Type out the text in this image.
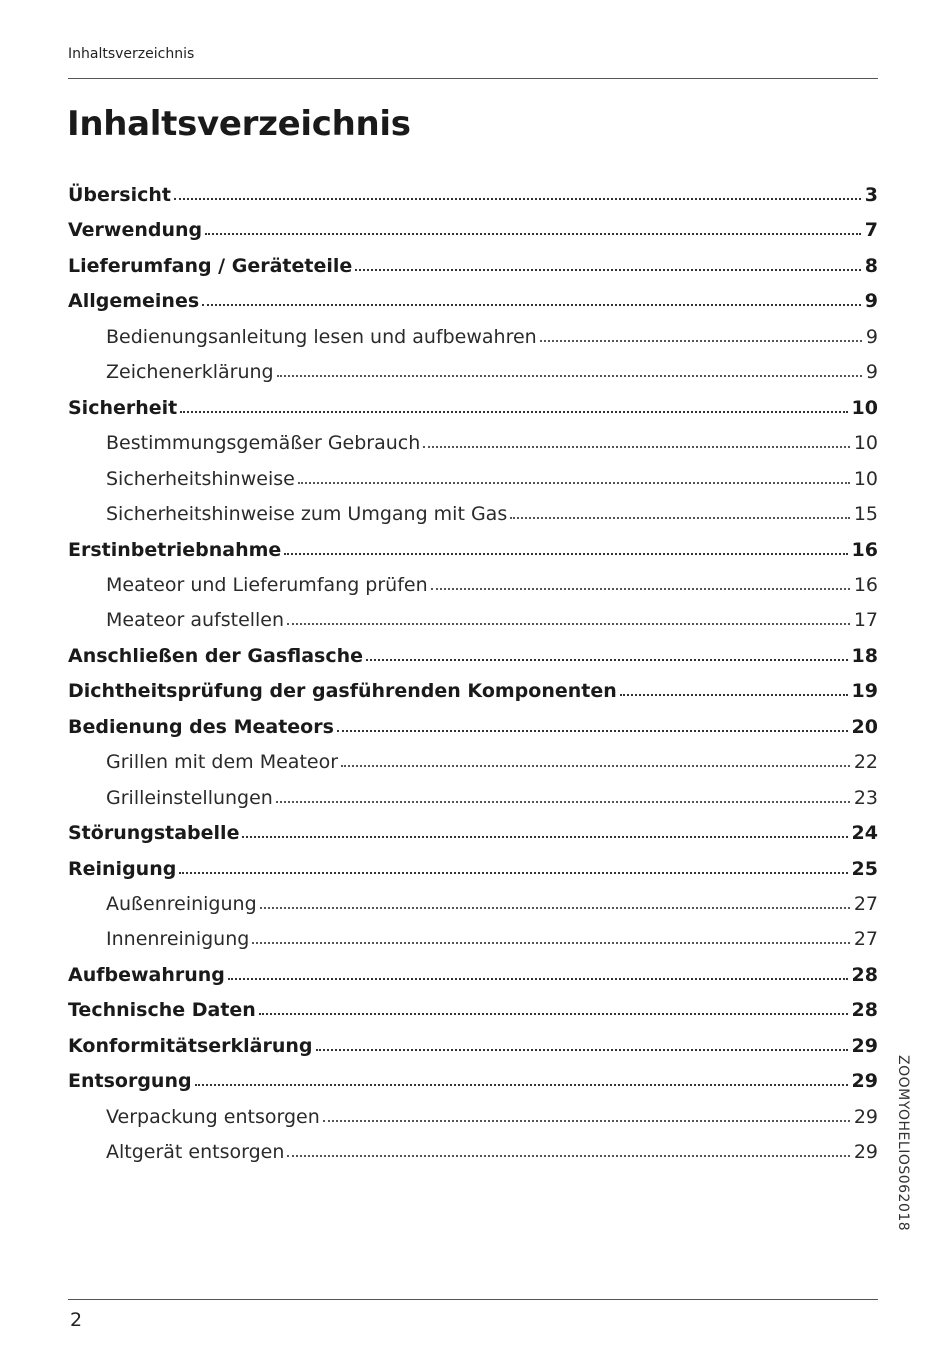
Inhaltsverzeichnis
Inhaltsverzeichnis
Übersicht	3
Verwendung	7
Lieferumfang / Geräteteile	8
Allgemeines	9
Bedienungsanleitung lesen und aufbewahren	9
Zeichenerklärung	9
Sicherheit	10
Bestimmungsgemäßer Gebrauch	10
Sicherheitshinweise	10
Sicherheitshinweise zum Umgang mit Gas	15
Erstinbetriebnahme	16
Meateor und Lieferumfang prüfen	16
Meateor aufstellen	17
Anschließen der Gasflasche	18
Dichtheitsprüfung der gasführenden Komponenten	19
Bedienung des Meateors	20
Grillen mit dem Meateor	22
Grilleinstellungen	23
Störungstabelle	24
Reinigung	25
Außenreinigung	27
Innenreinigung	27
Aufbewahrung	28
Technische Daten	28
Konformitätserklärung	29
Entsorgung	29
Verpackung entsorgen	29
Altgerät entsorgen	29 ZOOMYOHELIOS062018
2
